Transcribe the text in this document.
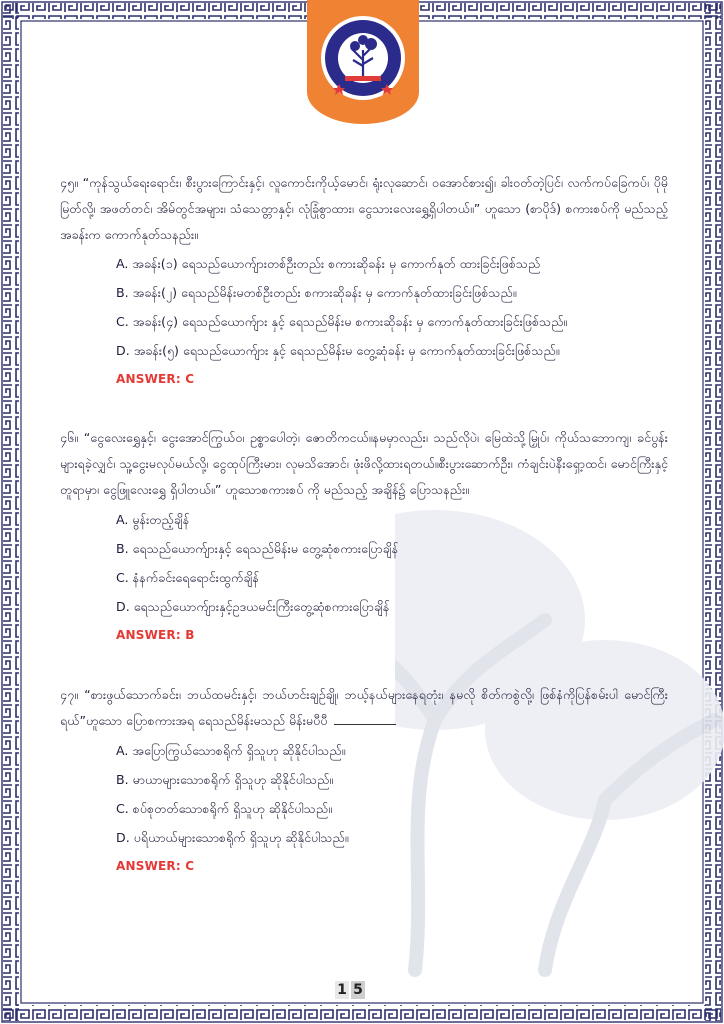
၄၅။ “ကုန်သွယ်ရေးရောင်း၊ စီးပွားကြောင်းနှင့်၊ လူကောင်းကိုယ့်မောင်၊ ရုံးလုဆောင်၊ ဝအောင်စား၍၊ ခါးဝတ်တဲ့ပြင်၊ လက်ကပ်ခြေကပ်၊ ပိုမိုမြတ်လို့၊ အဖတ်တင်၊ အိမ်တွင်အများ၊ သံသေတ္တာနှင့်၊ လုံခြုံစွာထား၊ ငွေသားလေးရွှေ့ရှိပါတယ်။” ဟူသော (စာပိုဒ်) စကားစပ်ကို မည်သည့်အခန်းက ကောက်နုတ်သနည်း။

A. အခန်း(၁) ရေသည်ယောက်ျားတစ်ဦးတည်း စကားဆိုခန်း မှ ကောက်နုတ် ထားခြင်းဖြစ်သည်
B. အခန်း(၂) ရေသည်မိန်းမတစ်ဦးတည်း စကားဆိုခန်း မှ ကောက်နုတ်ထားခြင်းဖြစ်သည်။
C. အခန်း(၄) ရေသည်ယောက်ျား နှင့် ရေသည်မိန်းမ စကားဆိုခန်း မှ ကောက်နုတ်ထားခြင်းဖြစ်သည်။
D. အခန်း(၅) ရေသည်ယောက်ျား နှင့် ရေသည်မိန်းမ တွေ့ဆုံခန်း မှ ကောက်နုတ်ထားခြင်းဖြစ်သည်။
ANSWER: C

၄၆။ “ငွေလေးရွှေနှင့်၊ ငွေးအောင်ကြွယ်ဝ၊ ဥစ္စာပေါတဲ့၊ ဇောတိကငယ်။နမမှာလည်း၊ သည်လိုပဲ၊ မြေထဲသို့မြှုပ်၊ ကိုယ်သဘောကျ၊ ခင်ပွန်းများရခဲ့လျှင်၊ သူ့ငွေးမလုပ်မယ်လို့၊ ငွေထုပ်ကြီးမား၊ လုမသိအောင်၊ ဖုံးဖိလို့ထားရတယ်။စီးပွားဆောက်ဦး၊ ကံချင်းပဲနီးရှော့ထင်၊ မောင်ကြီးနှင့်တူရာမှာ၊ ငွေဖြူလေးရွှေ ရှိပါတယ်။” ဟူသောစကားစပ် ကို မည်သည့် အချိန်၌ ပြောသနည်း။

A. မွန်းတည့်ချိန်
B. ရေသည်ယောက်ျားနှင့် ရေသည်မိန်းမ တွေ့ဆုံစကားပြောချိန်
C. နံနက်ခင်းရေရောင်းထွက်ချိန်
D. ရေသည်ယောက်ျားနှင့်ဥဒယမင်းကြီးတွေ့ဆုံစကားပြောချိန်
ANSWER: B

၄၇။ “စားဖွယ်သောက်ခင်း၊ ဘယ်ထမင်းနှင့်၊ ဘယ်ဟင်းချဉ်ချို၊ ဘယ့်နယ်များနေရတုံး၊ နမလို စိတ်ကစွဲလို့၊ ဖြစ်နံကိုပြန်စမ်းပါ မောင်ကြီးရယ်”ဟူသော ပြောစကားအရ ရေသည်မိန်းမသည် မိန်းမပီပီ

A. အပြောကြွယ်သောစရိုက် ရှိသူဟု ဆိုနိုင်ပါသည်။
B. မာယာများသောစရိုက် ရှိသူဟု ဆိုနိုင်ပါသည်။
C. စပ်စုတတ်သောစရိုက် ရှိသူဟု ဆိုနိုင်ပါသည်။
D. ပရိယာယ်များသောစရိုက် ရှိသူဟု ဆိုနိုင်ပါသည်။
ANSWER: C
1 5
